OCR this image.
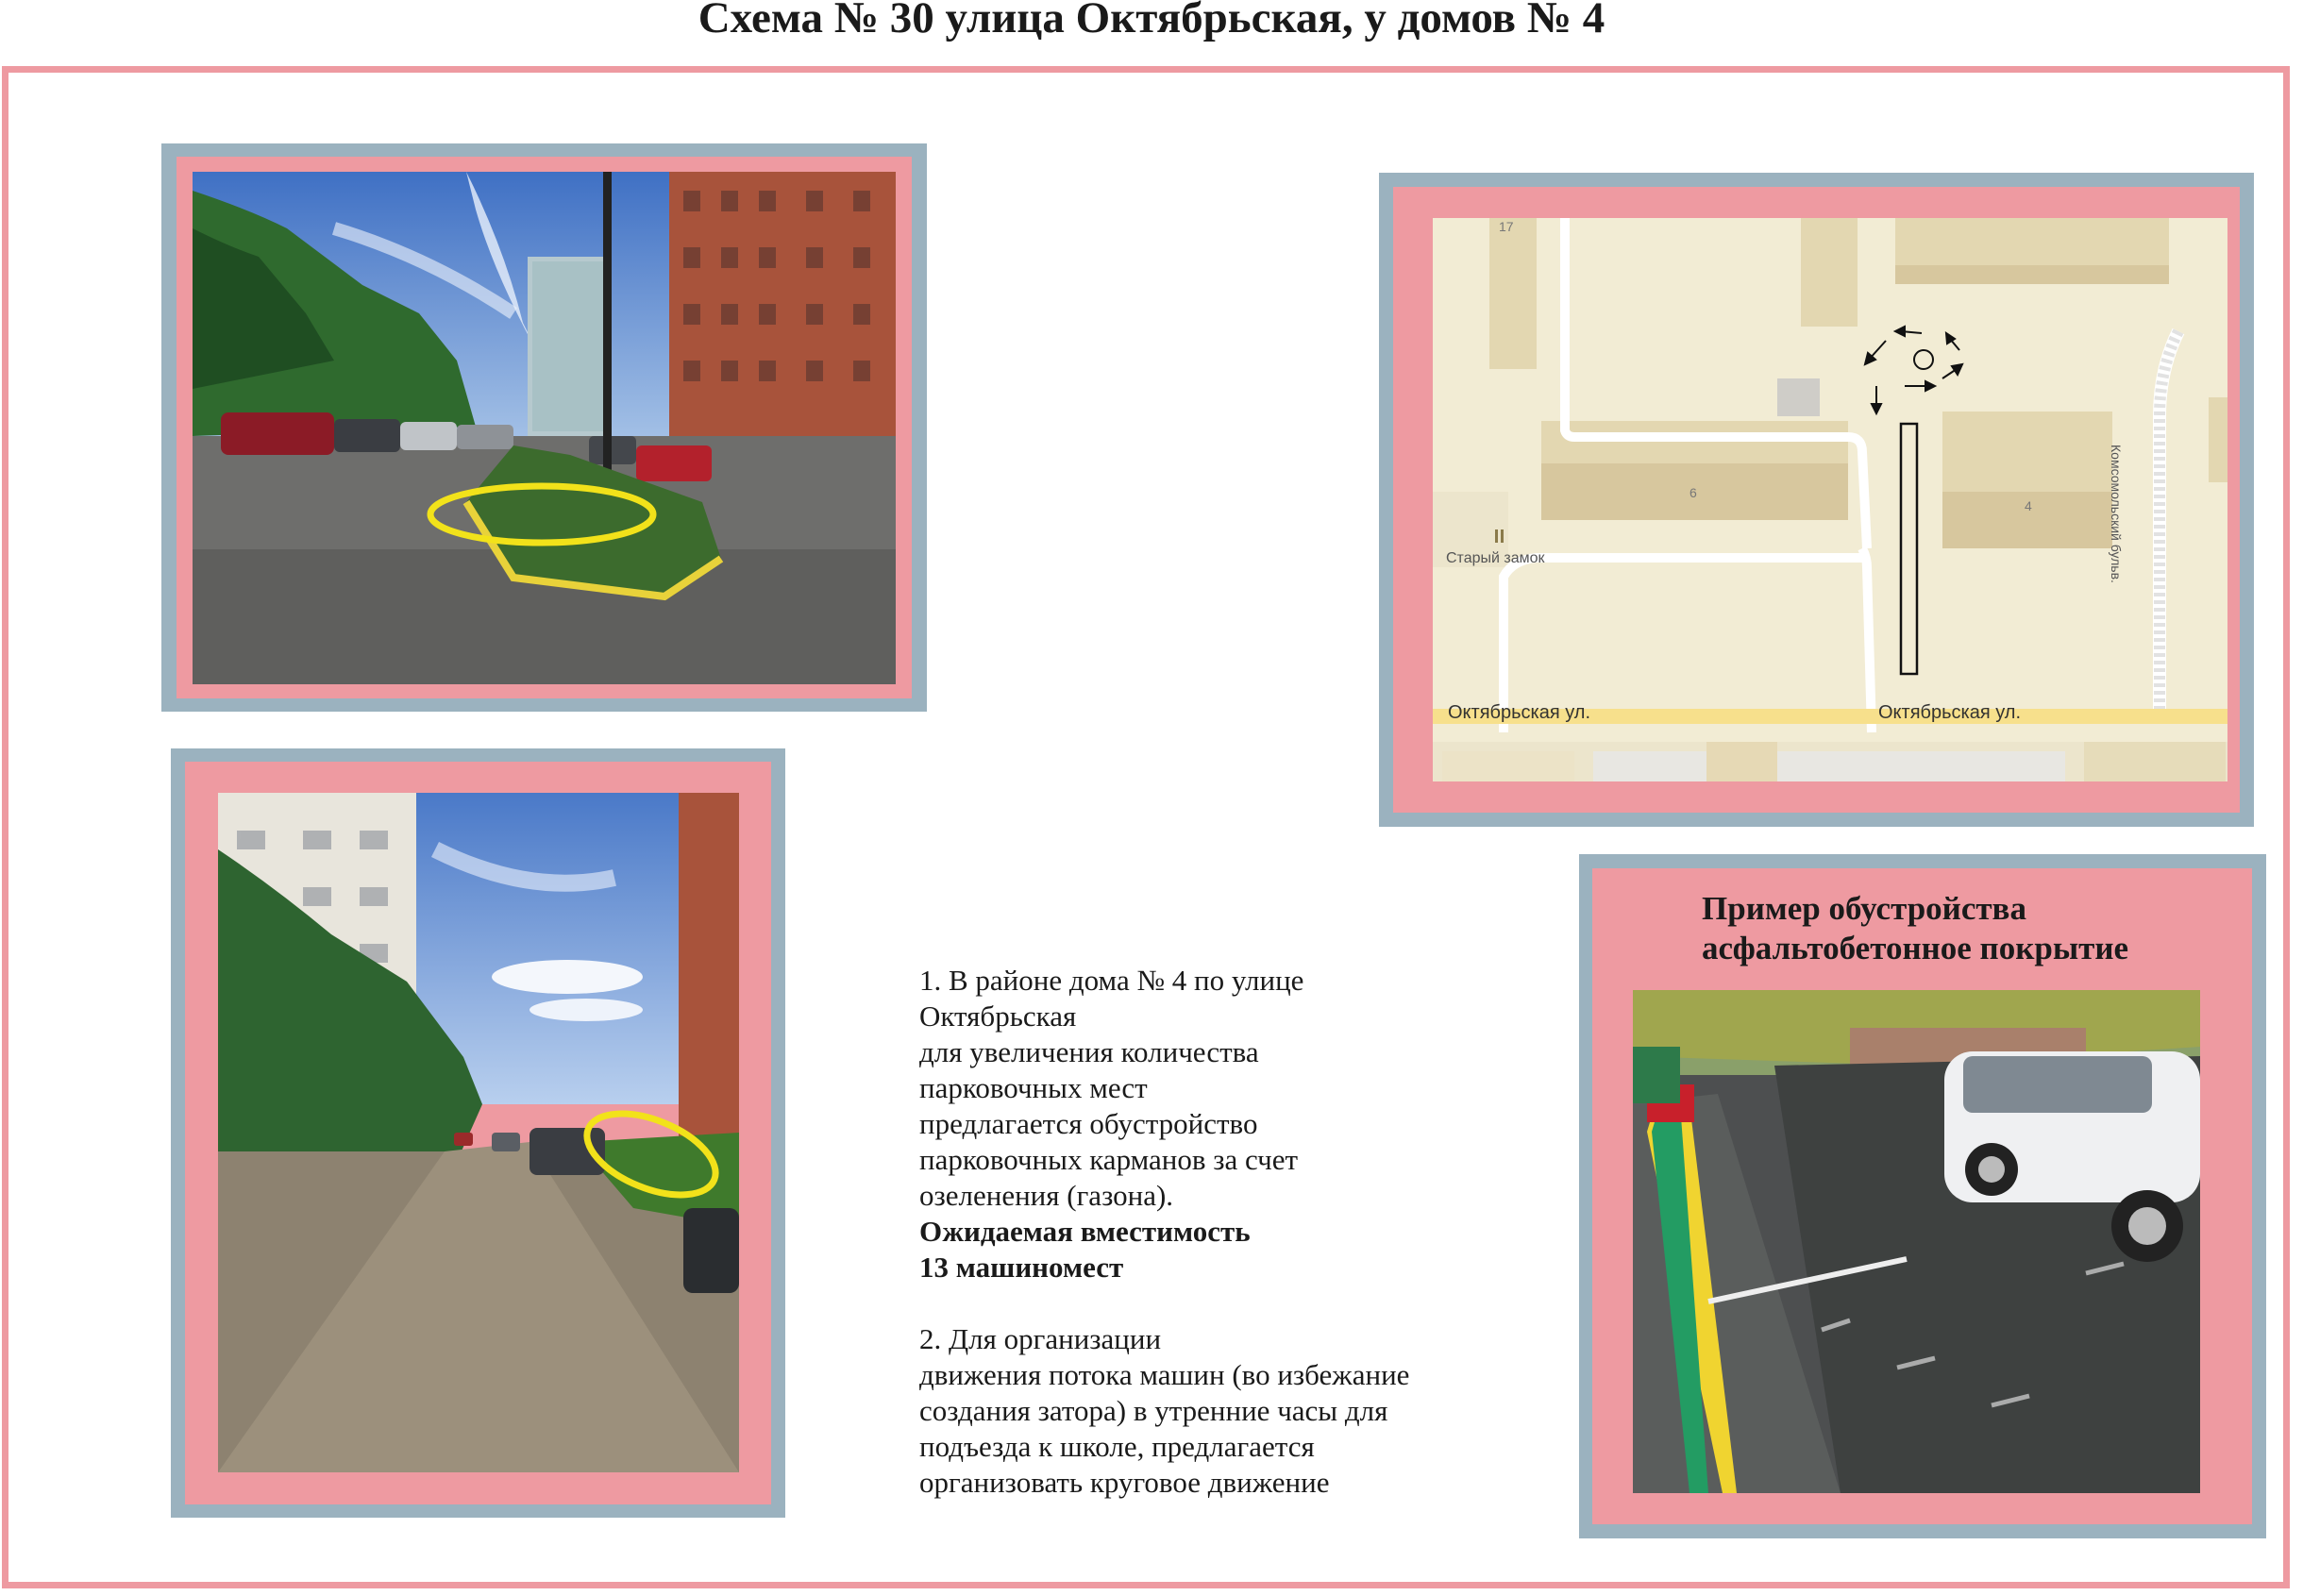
Схема № 30 улица Октябрьская, у домов № 4
17
6
4
Старый замок
Октябрьская ул.	Октябрьская ул.
Комсомольский бульв.
Пример обустройства
асфальтобетонное покрытие
1. В районе дома № 4 по улице
Октябрьская
для увеличения количества
парковочных мест
предлагается обустройство
парковочных карманов за счет
озеленения (газона).
Ожидаемая вместимость
13 машиномест
2. Для организации
движения потока машин (во избежание
создания затора) в утренние часы для
подъезда к школе, предлагается
организовать круговое движение
